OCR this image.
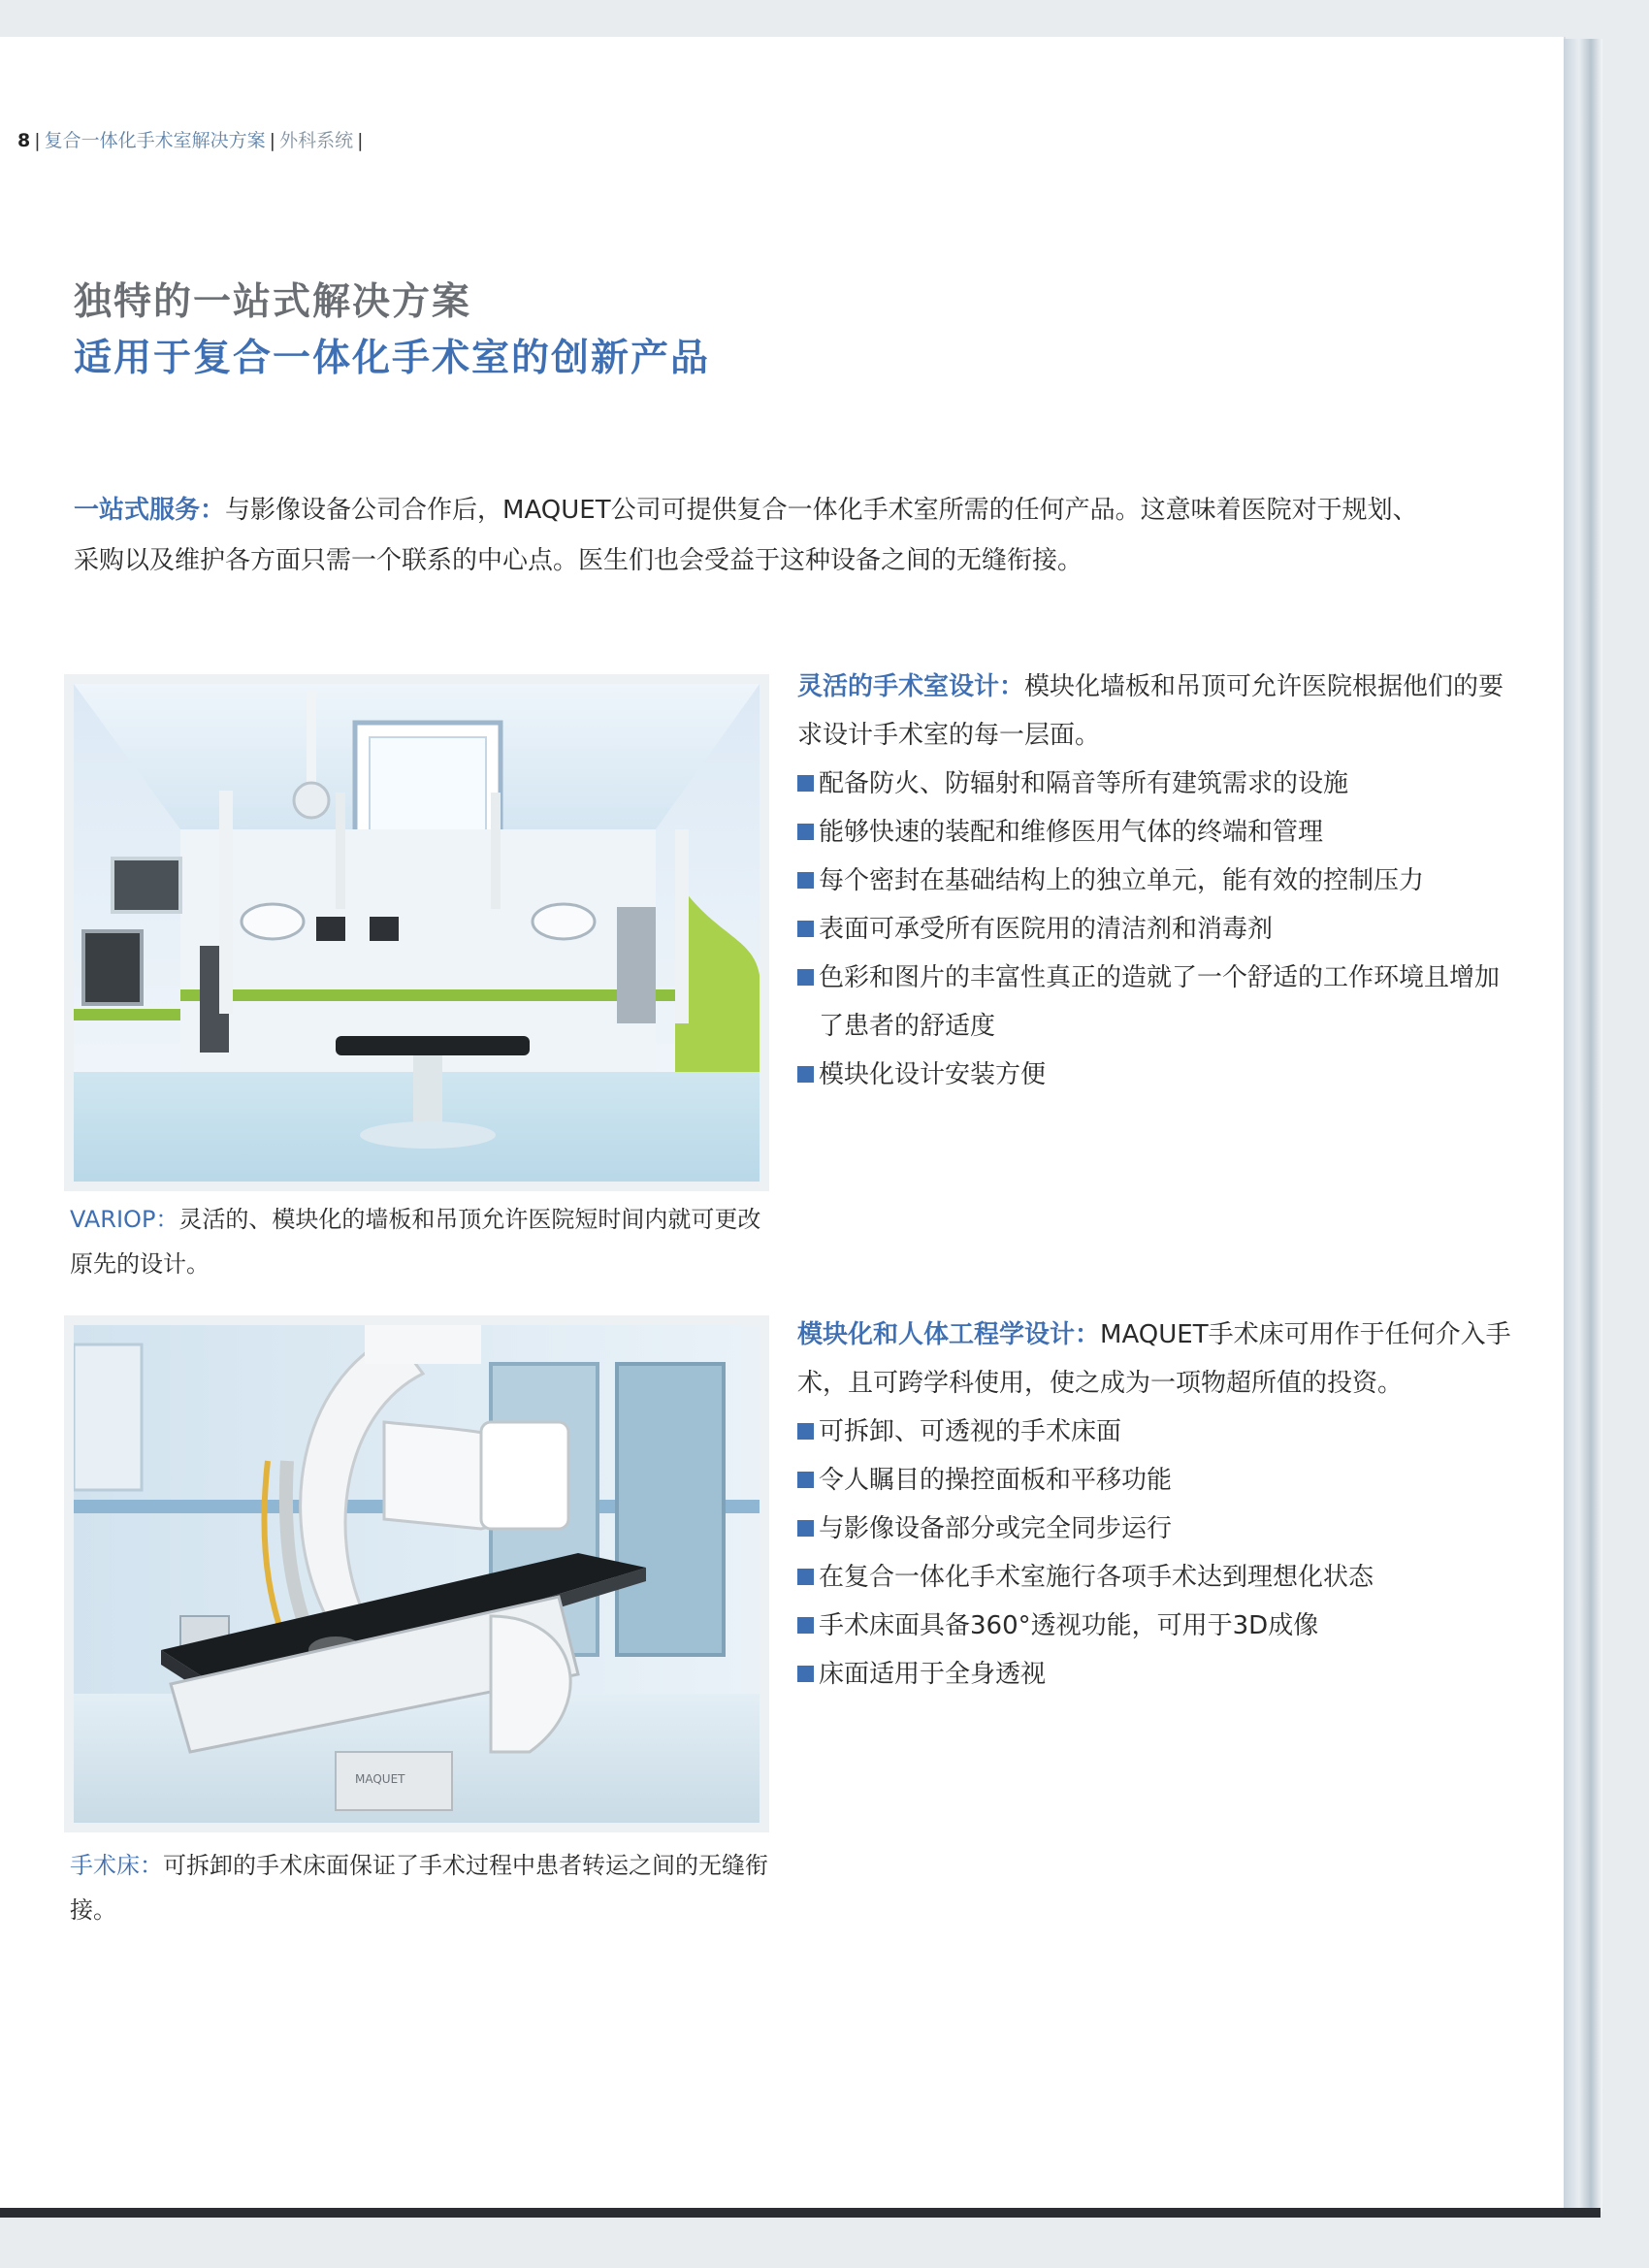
8 | 复合一体化手术室解决方案 | 外科系统 |
独特的一站式解决方案
适用于复合一体化手术室的创新产品
一站式服务：与影像设备公司合作后，MAQUET公司可提供复合一体化手术室所需的任何产品。这意味着医院对于规划、采购以及维护各方面只需一个联系的中心点。医生们也会受益于这种设备之间的无缝衔接。
VARIOP：灵活的、模块化的墙板和吊顶允许医院短时间内就可更改原先的设计。
灵活的手术室设计：模块化墙板和吊顶可允许医院根据他们的要求设计手术室的每一层面。
配备防火、防辐射和隔音等所有建筑需求的设施
能够快速的装配和维修医用气体的终端和管理
每个密封在基础结构上的独立单元，能有效的控制压力
表面可承受所有医院用的清洁剂和消毒剂
色彩和图片的丰富性真正的造就了一个舒适的工作环境且增加了患者的舒适度
模块化设计安装方便
MAQUET
手术床：可拆卸的手术床面保证了手术过程中患者转运之间的无缝衔接。
模块化和人体工程学设计：MAQUET手术床可用作于任何介入手术，且可跨学科使用，使之成为一项物超所值的投资。
可拆卸、可透视的手术床面
令人瞩目的操控面板和平移功能
与影像设备部分或完全同步运行
在复合一体化手术室施行各项手术达到理想化状态
手术床面具备360°透视功能，可用于3D成像
床面适用于全身透视
